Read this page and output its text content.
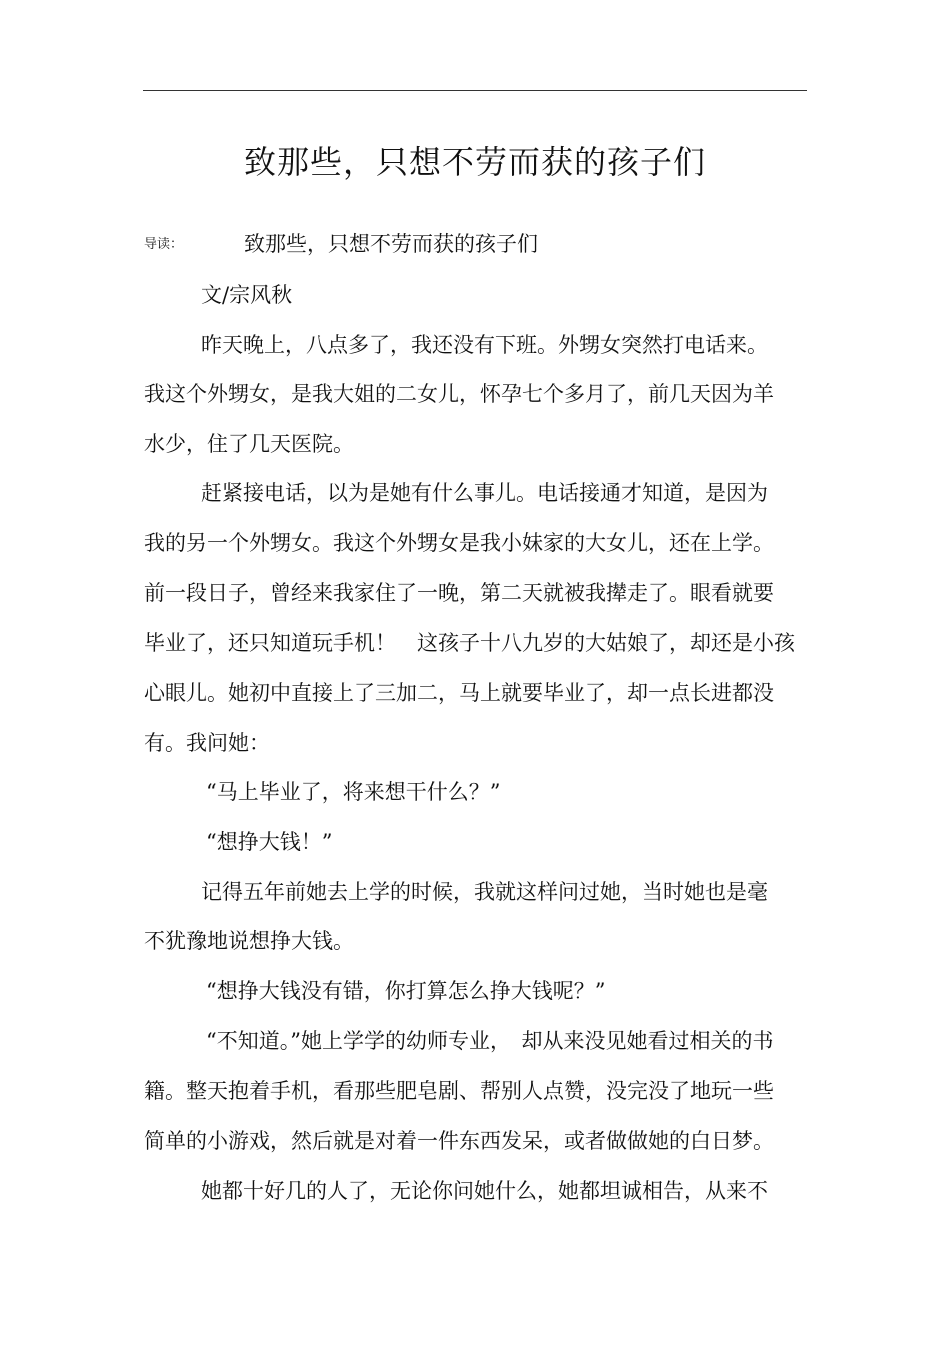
致那些，只想不劳而获的孩子们
导读：	致那些，只想不劳而获的孩子们
文/宗风秋
昨天晚上，八点多了，我还没有下班。外甥女突然打电话来。
我这个外甥女，是我大姐的二女儿，怀孕七个多月了，前几天因为羊
水少，住了几天医院。
赶紧接电话，以为是她有什么事儿。电话接通才知道，是因为
我的另一个外甥女。我这个外甥女是我小妹家的大女儿，还在上学。
前一段日子，曾经来我家住了一晚，第二天就被我撵走了。眼看就要
毕业了，还只知道玩手机！　这孩子十八九岁的大姑娘了，却还是小孩
心眼儿。她初中直接上了三加二，马上就要毕业了，却一点长进都没
有。我问她：
“马上毕业了，将来想干什么？”
“想挣大钱！”
记得五年前她去上学的时候，我就这样问过她，当时她也是毫
不犹豫地说想挣大钱。
“想挣大钱没有错，你打算怎么挣大钱呢？”
“不知道。”她上学学的幼师专业，　却从来没见她看过相关的书
籍。整天抱着手机，看那些肥皂剧、帮别人点赞，没完没了地玩一些
简单的小游戏，然后就是对着一件东西发呆，或者做做她的白日梦。
她都十好几的人了，无论你问她什么，她都坦诚相告，从来不
